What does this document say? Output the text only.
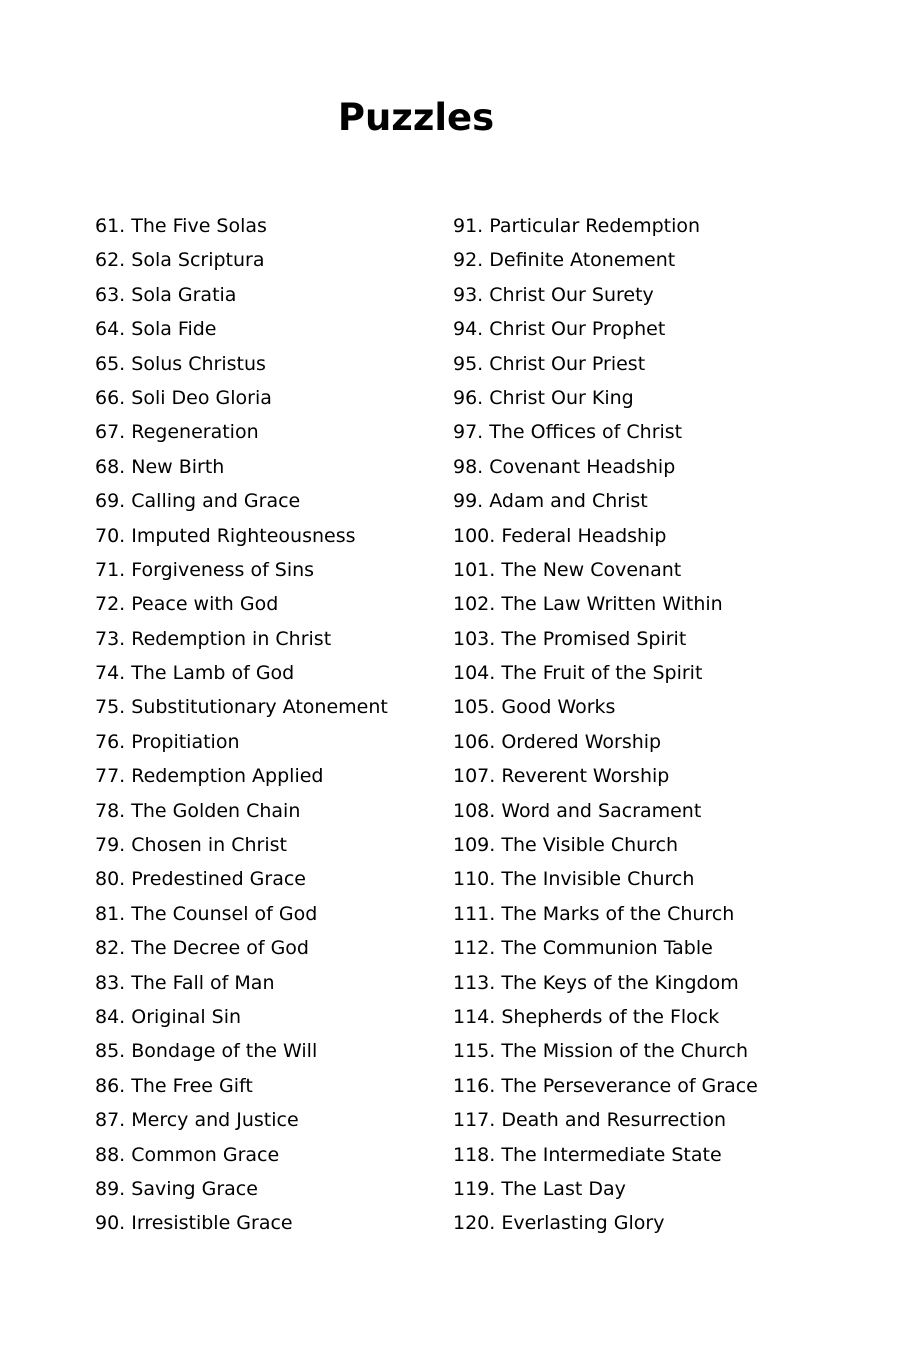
Puzzles
61. The Five Solas
62. Sola Scriptura
63. Sola Gratia
64. Sola Fide
65. Solus Christus
66. Soli Deo Gloria
67. Regeneration
68. New Birth
69. Calling and Grace
70. Imputed Righteousness
71. Forgiveness of Sins
72. Peace with God
73. Redemption in Christ
74. The Lamb of God
75. Substitutionary Atonement
76. Propitiation
77. Redemption Applied
78. The Golden Chain
79. Chosen in Christ
80. Predestined Grace
81. The Counsel of God
82. The Decree of God
83. The Fall of Man
84. Original Sin
85. Bondage of the Will
86. The Free Gift
87. Mercy and Justice
88. Common Grace
89. Saving Grace
90. Irresistible Grace
91. Particular Redemption
92. Definite Atonement
93. Christ Our Surety
94. Christ Our Prophet
95. Christ Our Priest
96. Christ Our King
97. The Offices of Christ
98. Covenant Headship
99. Adam and Christ
100. Federal Headship
101. The New Covenant
102. The Law Written Within
103. The Promised Spirit
104. The Fruit of the Spirit
105. Good Works
106. Ordered Worship
107. Reverent Worship
108. Word and Sacrament
109. The Visible Church
110. The Invisible Church
111. The Marks of the Church
112. The Communion Table
113. The Keys of the Kingdom
114. Shepherds of the Flock
115. The Mission of the Church
116. The Perseverance of Grace
117. Death and Resurrection
118. The Intermediate State
119. The Last Day
120. Everlasting Glory
